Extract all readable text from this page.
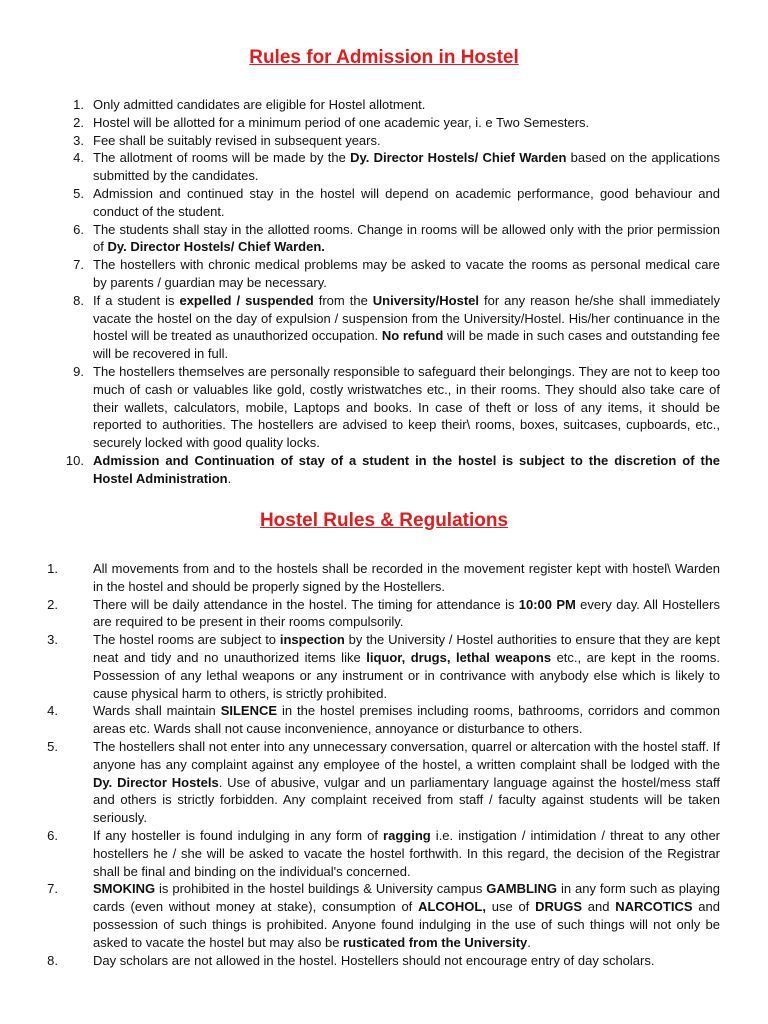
Rules for Admission in Hostel
1. Only admitted candidates are eligible for Hostel allotment.
2. Hostel will be allotted for a minimum period of one academic year, i. e Two Semesters.
3. Fee shall be suitably revised in subsequent years.
4. The allotment of rooms will be made by the Dy. Director Hostels/ Chief Warden based on the applications submitted by the candidates.
5. Admission and continued stay in the hostel will depend on academic performance, good behaviour and conduct of the student.
6. The students shall stay in the allotted rooms. Change in rooms will be allowed only with the prior permission of Dy. Director Hostels/ Chief Warden.
7. The hostellers with chronic medical problems may be asked to vacate the rooms as personal medical care by parents / guardian may be necessary.
8. If a student is expelled / suspended from the University/Hostel for any reason he/she shall immediately vacate the hostel on the day of expulsion / suspension from the University/Hostel. His/her continuance in the hostel will be treated as unauthorized occupation. No refund will be made in such cases and outstanding fee will be recovered in full.
9. The hostellers themselves are personally responsible to safeguard their belongings. They are not to keep too much of cash or valuables like gold, costly wristwatches etc., in their rooms. They should also take care of their wallets, calculators, mobile, Laptops and books. In case of theft or loss of any items, it should be reported to authorities. The hostellers are advised to keep their\ rooms, boxes, suitcases, cupboards, etc., securely locked with good quality locks.
10. Admission and Continuation of stay of a student in the hostel is subject to the discretion of the Hostel Administration.
Hostel Rules & Regulations
1.	All movements from and to the hostels shall be recorded in the movement register kept with hostel\ Warden in the hostel and should be properly signed by the Hostellers.
2.	There will be daily attendance in the hostel. The timing for attendance is 10:00 PM every day. All Hostellers are required to be present in their rooms compulsorily.
3.	The hostel rooms are subject to inspection by the University / Hostel authorities to ensure that they are kept neat and tidy and no unauthorized items like liquor, drugs, lethal weapons etc., are kept in the rooms. Possession of any lethal weapons or any instrument or in contrivance with anybody else which is likely to cause physical harm to others, is strictly prohibited.
4.	Wards shall maintain SILENCE in the hostel premises including rooms, bathrooms, corridors and common areas etc. Wards shall not cause inconvenience, annoyance or disturbance to others.
5.	The hostellers shall not enter into any unnecessary conversation, quarrel or altercation with the hostel staff. If anyone has any complaint against any employee of the hostel, a written complaint shall be lodged with the Dy. Director Hostels. Use of abusive, vulgar and un parliamentary language against the hostel/mess staff and others is strictly forbidden. Any complaint received from staff / faculty against students will be taken seriously.
6.	If any hosteller is found indulging in any form of ragging i.e. instigation / intimidation / threat to any other hostellers he / she will be asked to vacate the hostel forthwith. In this regard, the decision of the Registrar shall be final and binding on the individual's concerned.
7.	SMOKING is prohibited in the hostel buildings & University campus GAMBLING in any form such as playing cards (even without money at stake), consumption of ALCOHOL, use of DRUGS and NARCOTICS and possession of such things is prohibited. Anyone found indulging in the use of such things will not only be asked to vacate the hostel but may also be rusticated from the University.
8.	Day scholars are not allowed in the hostel. Hostellers should not encourage entry of day scholars.
